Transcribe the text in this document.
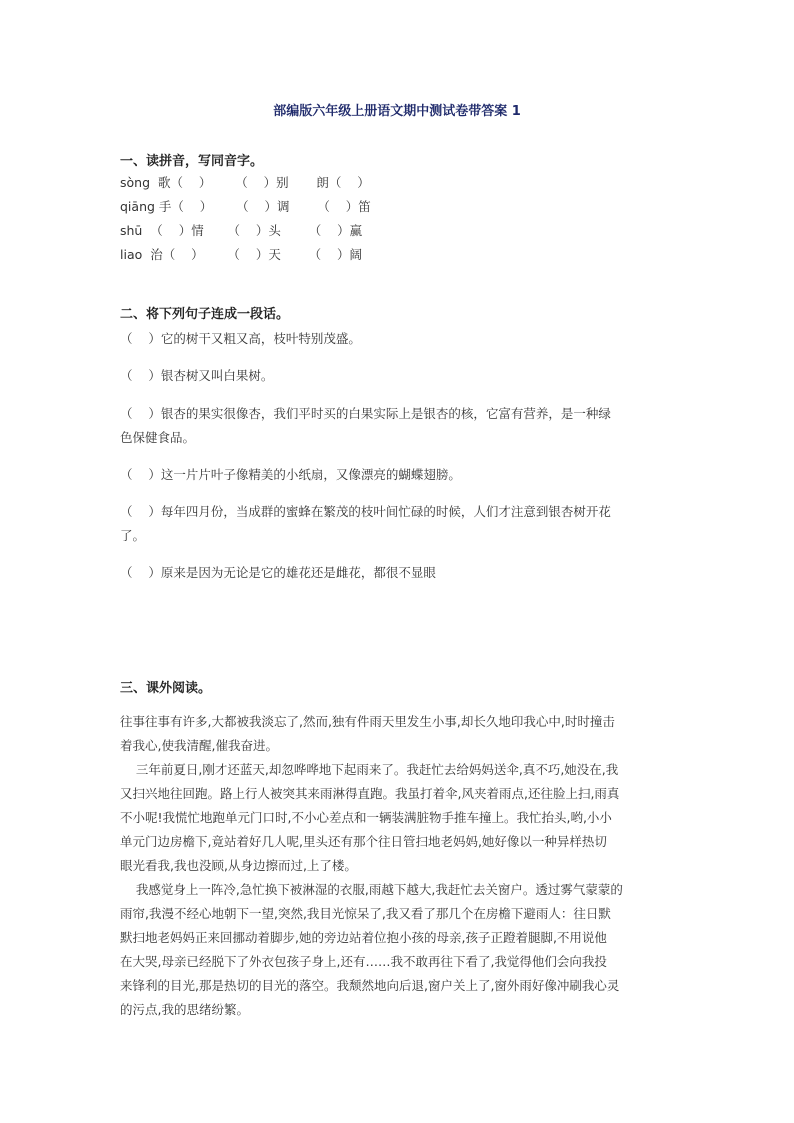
部编版六年级上册语文期中测试卷带答案 1
一、读拼音，写同音字。
sòng  歌（    ）      （    ）别       朗（    ）
qiāng 手（    ）      （    ）调       （    ）笛
shū  （    ）情      （    ）头       （    ）赢
liao  治（    ）      （    ）天       （    ）阔
二、将下列句子连成一段话。
（    ）它的树干又粗又高，枝叶特别茂盛。
（    ）银杏树又叫白果树。
（    ）银杏的果实很像杏，我们平时买的白果实际上是银杏的核，它富有营养，是一种绿
色保健食品。
（    ）这一片片叶子像精美的小纸扇，又像漂亮的蝴蝶翅膀。
（    ）每年四月份，当成群的蜜蜂在繁茂的枝叶间忙碌的时候，人们才注意到银杏树开花
了。
（    ）原来是因为无论是它的雄花还是雌花，都很不显眼
三、课外阅读。
往事往事有许多,大都被我淡忘了,然而,独有件雨天里发生小事,却长久地印我心中,时时撞击
着我心,使我清醒,催我奋进。
三年前夏日,刚才还蓝天,却忽哗哗地下起雨来了。我赶忙去给妈妈送伞,真不巧,她没在,我
又扫兴地往回跑。路上行人被突其来雨淋得直跑。我虽打着伞,风夹着雨点,还往脸上扫,雨真
不小呢!我慌忙地跑单元门口时,不小心差点和一辆装满脏物手推车撞上。我忙抬头,哟,小小
单元门边房檐下,竟站着好几人呢,里头还有那个往日管扫地老妈妈,她好像以一种异样热切
眼光看我,我也没顾,从身边擦而过,上了楼。
我感觉身上一阵冷,急忙换下被淋湿的衣服,雨越下越大,我赶忙去关窗户。透过雾气蒙蒙的
雨帘,我漫不经心地朝下一望,突然,我目光惊呆了,我又看了那几个在房檐下避雨人：往日默
默扫地老妈妈正来回挪动着脚步,她的旁边站着位抱小孩的母亲,孩子正蹬着腿脚,不用说他
在大哭,母亲已经脱下了外衣包孩子身上,还有……我不敢再往下看了,我觉得他们会向我投
来锋利的目光,那是热切的目光的落空。我颓然地向后退,窗户关上了,窗外雨好像冲刷我心灵
的污点,我的思绪纷繁。
